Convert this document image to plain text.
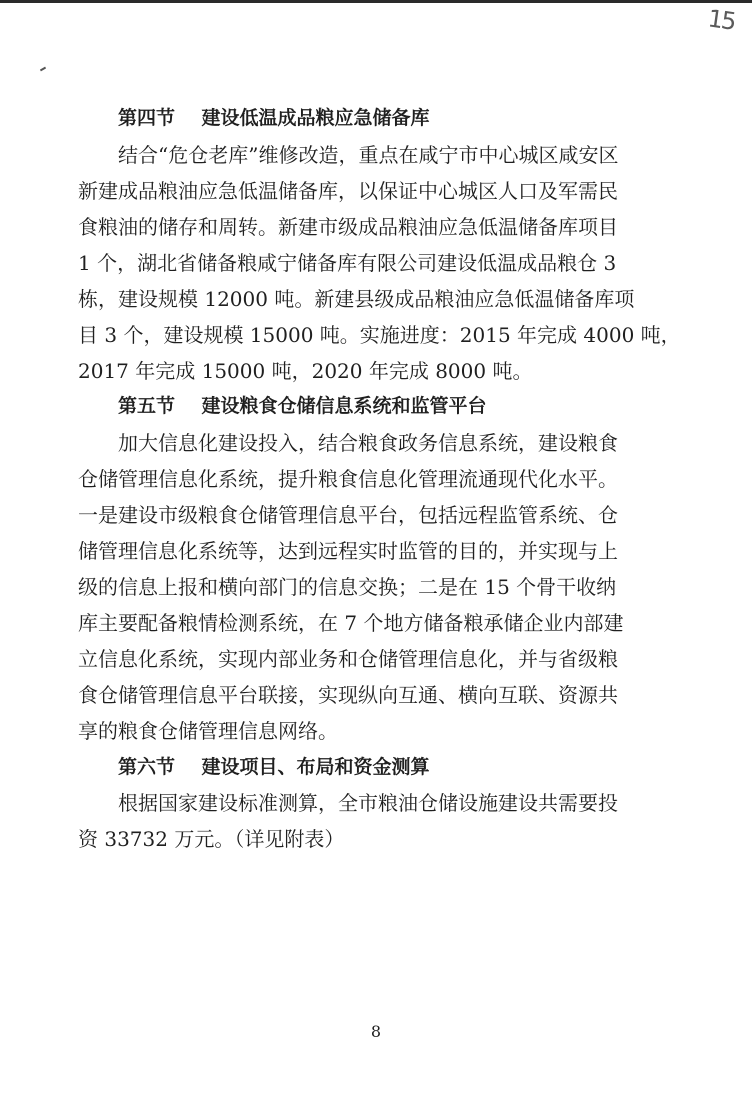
15
第四节    建设低温成品粮应急储备库
结合“危仓老库”维修改造，重点在咸宁市中心城区咸安区
新建成品粮油应急低温储备库，以保证中心城区人口及军需民
食粮油的储存和周转。新建市级成品粮油应急低温储备库项目
1 个，湖北省储备粮咸宁储备库有限公司建设低温成品粮仓 3
栋，建设规模 12000 吨。新建县级成品粮油应急低温储备库项
目 3 个，建设规模 15000 吨。实施进度：2015 年完成 4000 吨，
2017 年完成 15000 吨，2020 年完成 8000 吨。
第五节    建设粮食仓储信息系统和监管平台
加大信息化建设投入，结合粮食政务信息系统，建设粮食
仓储管理信息化系统，提升粮食信息化管理流通现代化水平。
一是建设市级粮食仓储管理信息平台，包括远程监管系统、仓
储管理信息化系统等，达到远程实时监管的目的，并实现与上
级的信息上报和横向部门的信息交换；二是在 15 个骨干收纳
库主要配备粮情检测系统，在 7 个地方储备粮承储企业内部建
立信息化系统，实现内部业务和仓储管理信息化，并与省级粮
食仓储管理信息平台联接，实现纵向互通、横向互联、资源共
享的粮食仓储管理信息网络。
第六节    建设项目、布局和资金测算
根据国家建设标准测算，全市粮油仓储设施建设共需要投
资 33732 万元。（详见附表）
8
